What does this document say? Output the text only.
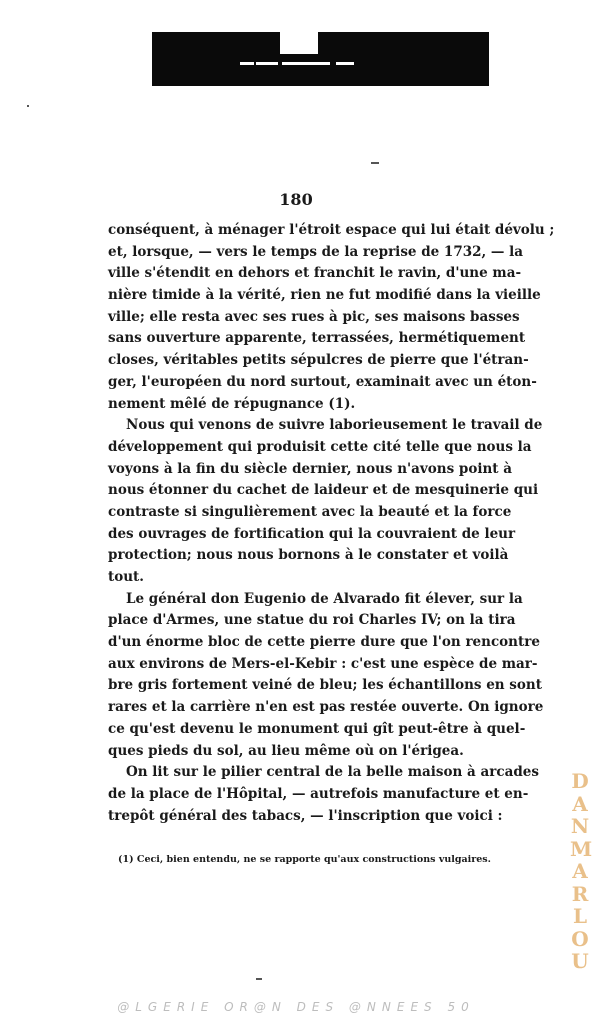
180
conséquent, à ménager l'étroit espace qui lui était dévolu ;
et, lorsque, — vers le temps de la reprise de 1732, — la
ville s'étendit en dehors et franchit le ravin, d'une ma-
nière timide à la vérité, rien ne fut modifié dans la vieille
ville; elle resta avec ses rues à pic, ses maisons basses
sans ouverture apparente, terrassées, hermétiquement
closes, véritables petits sépulcres de pierre que l'étran-
ger, l'européen du nord surtout, examinait avec un éton-
nement mêlé de répugnance (1).
Nous qui venons de suivre laborieusement le travail de
développement qui produisit cette cité telle que nous la
voyons à la fin du siècle dernier, nous n'avons point à
nous étonner du cachet de laideur et de mesquinerie qui
contraste si singulièrement avec la beauté et la force
des ouvrages de fortification qui la couvraient de leur
protection; nous nous bornons à le constater et voilà
tout.
Le général don Eugenio de Alvarado fit élever, sur la
place d'Armes, une statue du roi Charles IV; on la tira
d'un énorme bloc de cette pierre dure que l'on rencontre
aux environs de Mers-el-Kebir : c'est une espèce de mar-
bre gris fortement veiné de bleu; les échantillons en sont
rares et la carrière n'en est pas restée ouverte. On ignore
ce qu'est devenu le monument qui gît peut-être à quel-
ques pieds du sol, au lieu même où on l'érigea.
On lit sur le pilier central de la belle maison à arcades
de la place de l'Hôpital, — autrefois manufacture et en-
trepôt général des tabacs, — l'inscription que voici :
(1) Ceci, bien entendu, ne se rapporte qu'aux constructions vulgaires.
D
A
N
M
A
R
L
O
U
@LGERIE OR@N DES @NNEES 50
